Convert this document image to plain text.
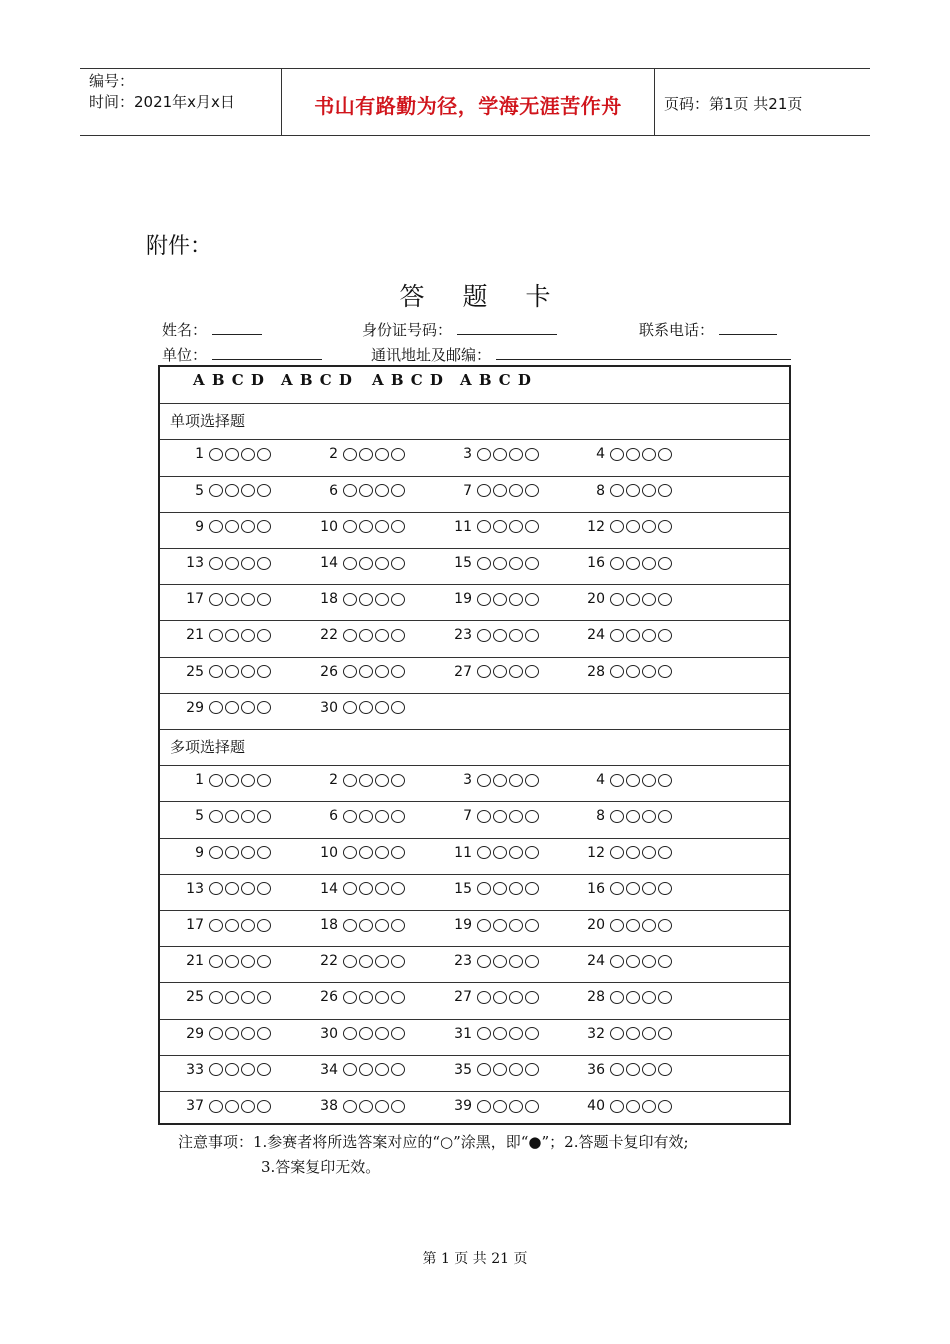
编号：
时间：2021年x月x日	书山有路勤为径，学海无涯苦作舟	页码：第1页 共21页
附件：
答题卡
姓名：	身份证号码：	联系电话：
单位：	通讯地址及邮编：
A B C D A B C D A B C D A B C D
单项选择题
1	2	3	4
5	6	7	8
9	10	11	12
13	14	15	16
17	18	19	20
21	22	23	24
25	26	27	28
29	30
多项选择题
1	2	3	4
5	6	7	8
9	10	11	12
13	14	15	16
17	18	19	20
21	22	23	24
25	26	27	28
29	30	31	32
33	34	35	36
37	38	39	40
注意事项：1.参赛者将所选答案对应的“○”涂黑，即“●”；2.答题卡复印有效;
3.答案复印无效。
第 1 页 共 21 页
